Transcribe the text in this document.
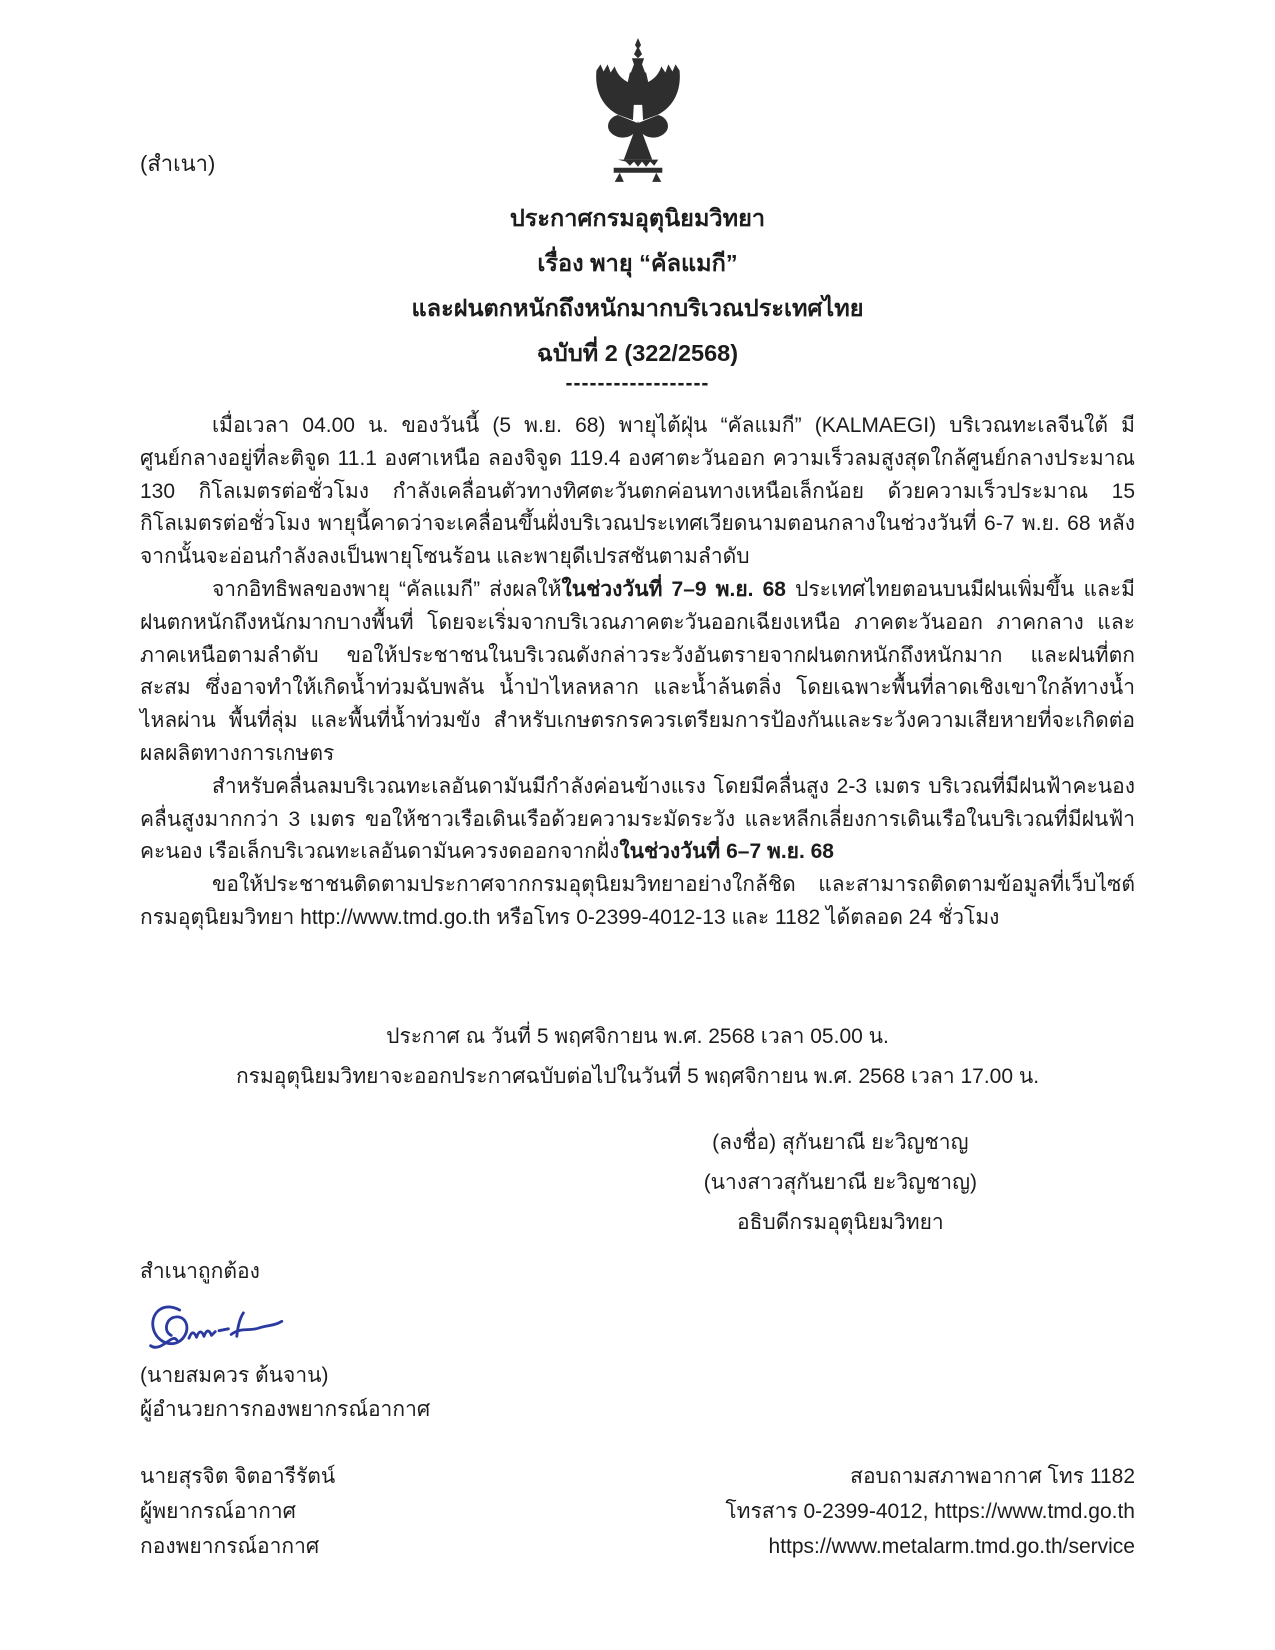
(สำเนา)
ประกาศกรมอุตุนิยมวิทยา
เรื่อง พายุ “คัลแมกี”
และฝนตกหนักถึงหนักมากบริเวณประเทศไทย
ฉบับที่ 2 (322/2568)
------------------

เมื่อเวลา 04.00 น. ของวันนี้ (5 พ.ย. 68) พายุไต้ฝุ่น “คัลแมกี” (KALMAEGI) บริเวณทะเลจีนใต้ มีศูนย์กลางอยู่ที่ละติจูด 11.1 องศาเหนือ ลองจิจูด 119.4 องศาตะวันออก ความเร็วลมสูงสุดใกล้ศูนย์กลางประมาณ 130 กิโลเมตรต่อชั่วโมง กำลังเคลื่อนตัวทางทิศตะวันตกค่อนทางเหนือเล็กน้อย ด้วยความเร็วประมาณ 15 กิโลเมตรต่อชั่วโมง พายุนี้คาดว่าจะเคลื่อนขึ้นฝั่งบริเวณประเทศเวียดนามตอนกลางในช่วงวันที่ 6-7 พ.ย. 68 หลังจากนั้นจะอ่อนกำลังลงเป็นพายุโซนร้อน และพายุดีเปรสชันตามลำดับ

จากอิทธิพลของพายุ “คัลแมกี” ส่งผลให้ในช่วงวันที่ 7–9 พ.ย. 68 ประเทศไทยตอนบนมีฝนเพิ่มขึ้น และมีฝนตกหนักถึงหนักมากบางพื้นที่ โดยจะเริ่มจากบริเวณภาคตะวันออกเฉียงเหนือ ภาคตะวันออก ภาคกลาง และภาคเหนือตามลำดับ ขอให้ประชาชนในบริเวณดังกล่าวระวังอันตรายจากฝนตกหนักถึงหนักมาก และฝนที่ตกสะสม ซึ่งอาจทำให้เกิดน้ำท่วมฉับพลัน น้ำป่าไหลหลาก และน้ำล้นตลิ่ง โดยเฉพาะพื้นที่ลาดเชิงเขาใกล้ทางน้ำไหลผ่าน พื้นที่ลุ่ม และพื้นที่น้ำท่วมขัง สำหรับเกษตรกรควรเตรียมการป้องกันและระวังความเสียหายที่จะเกิดต่อผลผลิตทางการเกษตร

สำหรับคลื่นลมบริเวณทะเลอันดามันมีกำลังค่อนข้างแรง โดยมีคลื่นสูง 2-3 เมตร บริเวณที่มีฝนฟ้าคะนองคลื่นสูงมากกว่า 3 เมตร ขอให้ชาวเรือเดินเรือด้วยความระมัดระวัง และหลีกเลี่ยงการเดินเรือในบริเวณที่มีฝนฟ้าคะนอง เรือเล็กบริเวณทะเลอันดามันควรงดออกจากฝั่งในช่วงวันที่ 6–7 พ.ย. 68

ขอให้ประชาชนติดตามประกาศจากกรมอุตุนิยมวิทยาอย่างใกล้ชิด และสามารถติดตามข้อมูลที่เว็บไซต์ กรมอุตุนิยมวิทยา http://www.tmd.go.th หรือโทร 0-2399-4012-13 และ 1182 ได้ตลอด 24 ชั่วโมง

ประกาศ ณ วันที่ 5 พฤศจิกายน พ.ศ. 2568 เวลา 05.00 น.
กรมอุตุนิยมวิทยาจะออกประกาศฉบับต่อไปในวันที่ 5 พฤศจิกายน พ.ศ. 2568 เวลา 17.00 น.
(ลงชื่อ) สุกันยาณี ยะวิญชาญ
(นางสาวสุกันยาณี ยะวิญชาญ)
อธิบดีกรมอุตุนิยมวิทยา
สำเนาถูกต้อง
(นายสมควร ต้นจาน)
ผู้อำนวยการกองพยากรณ์อากาศ
นายสุรจิต จิตอารีรัตน์
ผู้พยากรณ์อากาศ
กองพยากรณ์อากาศ
สอบถามสภาพอากาศ โทร 1182
โทรสาร 0-2399-4012, https://www.tmd.go.th
https://www.metalarm.tmd.go.th/service
